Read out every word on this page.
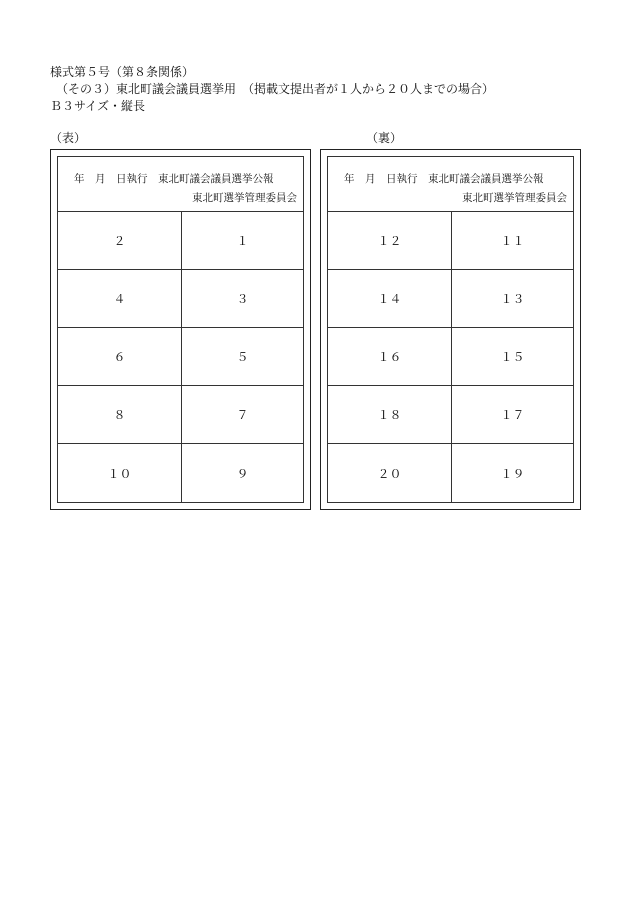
様式第５号（第８条関係）
（その３）東北町議会議員選挙用　（掲載文提出者が１人から２０人までの場合）
Ｂ３サイズ・縦長
（表）	（裏）
年　月　日執行　東北町議会議員選挙公報
東北町選挙管理委員会
２	１
４	３
６	５
８	７
１０	９
年　月　日執行　東北町議会議員選挙公報
東北町選挙管理委員会
１２	１１
１４	１３
１６	１５
１８	１７
２０	１９
